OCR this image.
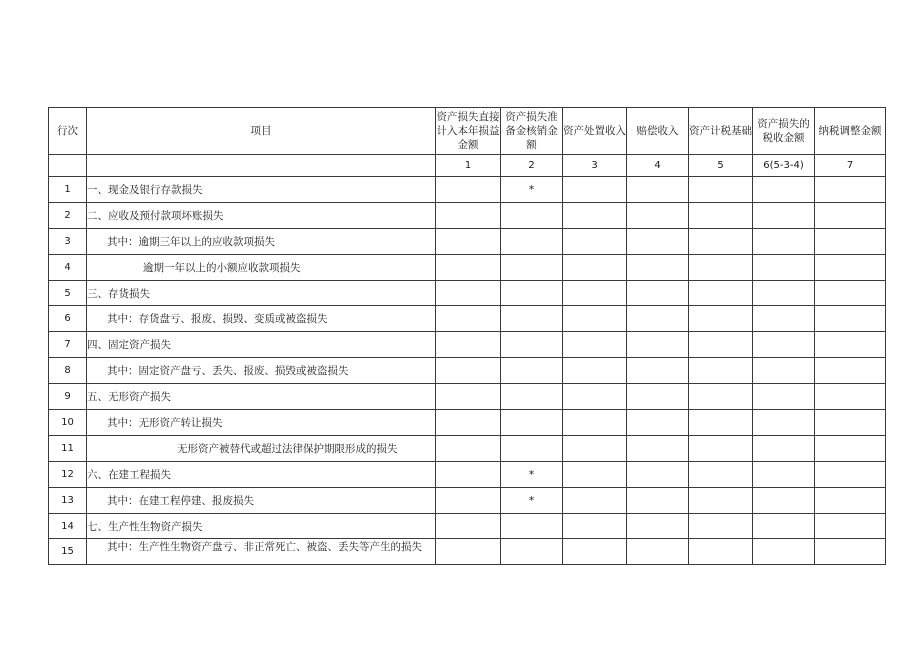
行次	项目	资产损失直接计入本年损益金额	资产损失准备金核销金额	资产处置收入	赔偿收入	资产计税基础	资产损失的税收金额	纳税调整金额
		1	2	3	4	5	6(5-3-4)	7
1	一、现金及银行存款损失		*					
2	二、应收及预付款项坏账损失							
3	其中：逾期三年以上的应收款项损失							
4	逾期一年以上的小额应收款项损失							
5	三、存货损失							
6	其中：存货盘亏、报废、损毁、变质或被盗损失							
7	四、固定资产损失							
8	其中：固定资产盘亏、丢失、报废、损毁或被盗损失							
9	五、无形资产损失							
10	其中：无形资产转让损失							
11	无形资产被替代或超过法律保护期限形成的损失							
12	六、在建工程损失		*					
13	其中：在建工程停建、报废损失		*					
14	七、生产性生物资产损失							
15	其中：生产性生物资产盘亏、非正常死亡、被盗、丢失等产生的损失							
